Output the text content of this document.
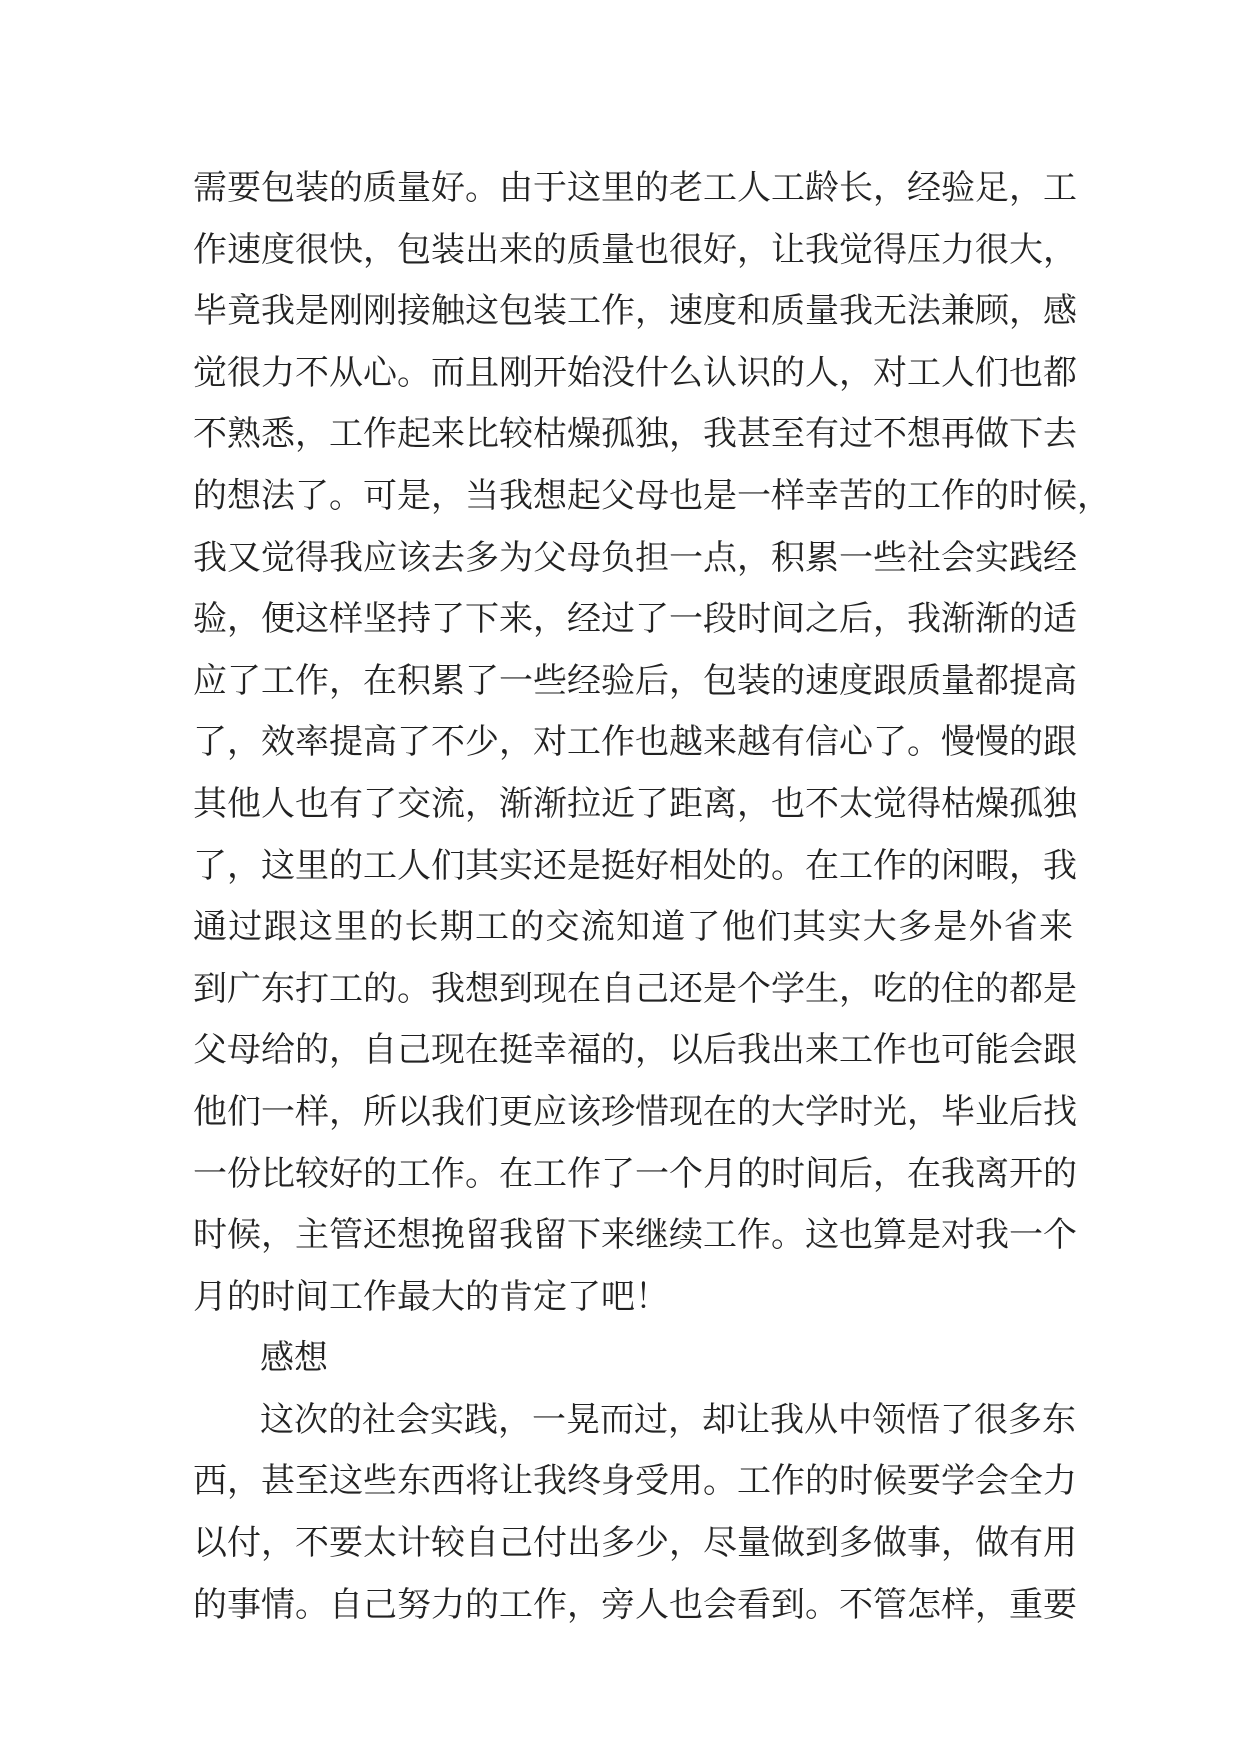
需 要 包 装 的 质 量 好 。 由 于 这 里 的 老 工 人 工 龄 长 ， 经 验 足 ， 工
作 速 度 很 快 ， 包 装 出 来 的 质 量 也 很 好 ， 让 我 觉 得 压 力 很 大 ，
毕 竟 我 是 刚 刚 接 触 这 包 装 工 作 ， 速 度 和 质 量 我 无 法 兼 顾 ， 感
觉 很 力 不 从 心 。 而 且 刚 开 始 没 什 么 认 识 的 人 ， 对 工 人 们 也 都
不 熟 悉 ， 工 作 起 来 比 较 枯 燥 孤 独 ， 我 甚 至 有 过 不 想 再 做 下 去
的 想 法 了 。 可 是 ， 当 我 想 起 父 母 也 是 一 样 幸 苦 的 工 作 的 时 候 ，
我 又 觉 得 我 应 该 去 多 为 父 母 负 担 一 点 ， 积 累 一 些 社 会 实 践 经
验 ， 便 这 样 坚 持 了 下 来 ， 经 过 了 一 段 时 间 之 后 ， 我 渐 渐 的 适
应 了 工 作 ， 在 积 累 了 一 些 经 验 后 ， 包 装 的 速 度 跟 质 量 都 提 高
了 ， 效 率 提 高 了 不 少 ， 对 工 作 也 越 来 越 有 信 心 了 。 慢 慢 的 跟
其 他 人 也 有 了 交 流 ， 渐 渐 拉 近 了 距 离 ， 也 不 太 觉 得 枯 燥 孤 独
了 ， 这 里 的 工 人 们 其 实 还 是 挺 好 相 处 的 。 在 工 作 的 闲 暇 ， 我
通 过 跟 这 里 的 长 期 工 的 交 流 知 道 了 他 们 其 实 大 多 是 外 省 来
到 广 东 打 工 的 。 我 想 到 现 在 自 己 还 是 个 学 生 ， 吃 的 住 的 都 是
父 母 给 的 ， 自 己 现 在 挺 幸 福 的 ， 以 后 我 出 来 工 作 也 可 能 会 跟
他 们 一 样 ， 所 以 我 们 更 应 该 珍 惜 现 在 的 大 学 时 光 ， 毕 业 后 找
一 份 比 较 好 的 工 作 。 在 工 作 了 一 个 月 的 时 间 后 ， 在 我 离 开 的
时 候 ， 主 管 还 想 挽 留 我 留 下 来 继 续 工 作 。 这 也 算 是 对 我 一 个
月的时间工作最大的肯定了吧！
感想
这 次 的 社 会 实 践 ， 一 晃 而 过 ， 却 让 我 从 中 领 悟 了 很 多 东
西 ， 甚 至 这 些 东 西 将 让 我 终 身 受 用 。 工 作 的 时 候 要 学 会 全 力
以 付 ， 不 要 太 计 较 自 己 付 出 多 少 ， 尽 量 做 到 多 做 事 ， 做 有 用
的 事 情 。 自 己 努 力 的 工 作 ， 旁 人 也 会 看 到 。 不 管 怎 样 ， 重 要
